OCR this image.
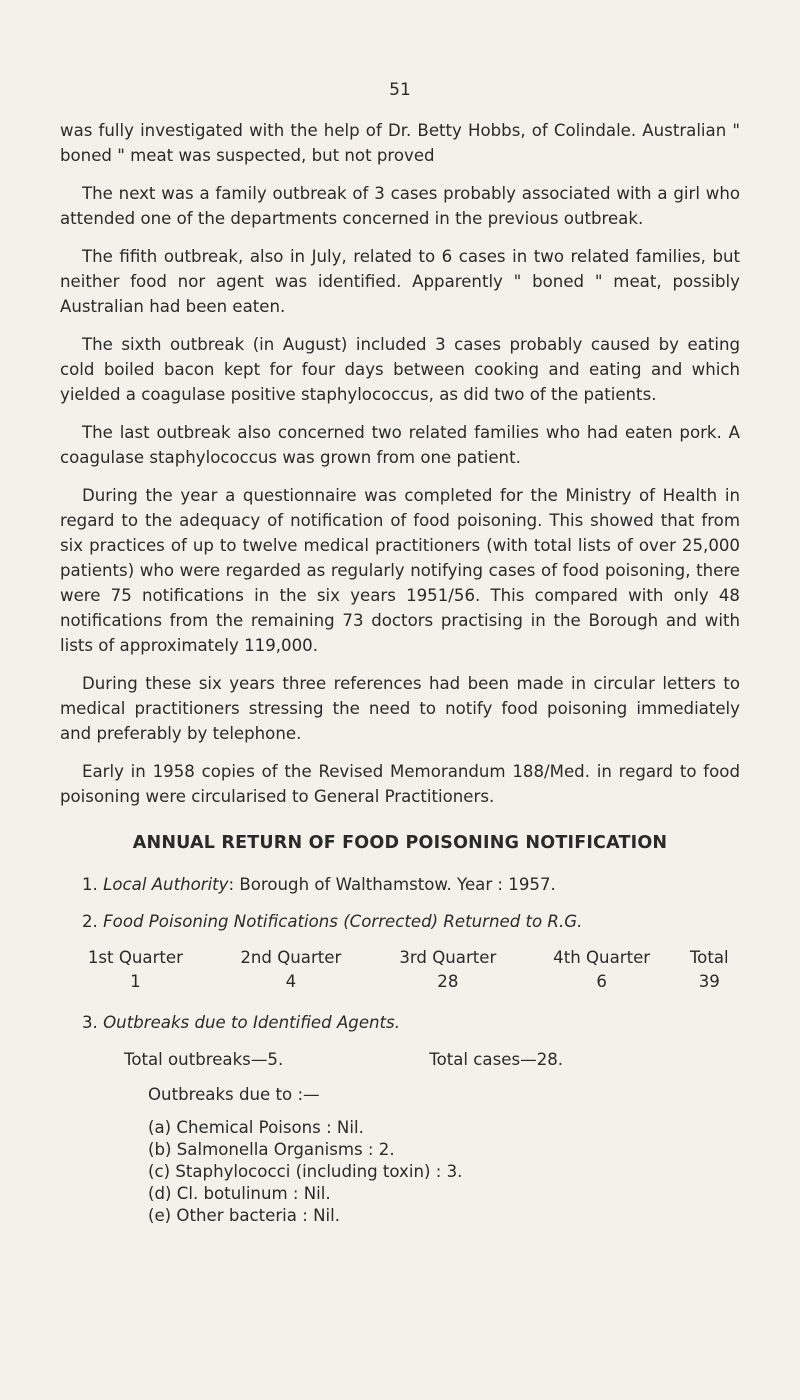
51

was fully investigated with the help of Dr. Betty Hobbs, of Colindale. Australian " boned " meat was suspected, but not proved

The next was a family outbreak of 3 cases probably associated with a girl who attended one of the departments concerned in the previous outbreak.

The fifith outbreak, also in July, related to 6 cases in two related families, but neither food nor agent was identified. Apparently " boned " meat, possibly Australian had been eaten.

The sixth outbreak (in August) included 3 cases probably caused by eating cold boiled bacon kept for four days between cooking and eating and which yielded a coagulase positive staphylococcus, as did two of the patients.

The last outbreak also concerned two related families who had eaten pork. A coagulase staphylococcus was grown from one patient.

During the year a questionnaire was completed for the Ministry of Health in regard to the adequacy of notification of food poisoning. This showed that from six practices of up to twelve medical practitioners (with total lists of over 25,000 patients) who were regarded as regularly notifying cases of food poisoning, there were 75 notifications in the six years 1951/56. This compared with only 48 notifications from the remaining 73 doctors practising in the Borough and with lists of approximately 119,000.

During these six years three references had been made in circular letters to medical practitioners stressing the need to notify food poisoning immediately and preferably by telephone.

Early in 1958 copies of the Revised Memorandum 188/Med. in regard to food poisoning were circularised to General Practitioners.

ANNUAL RETURN OF FOOD POISONING NOTIFICATION
1. Local Authority: Borough of Walthamstow. Year : 1957.
2. Food Poisoning Notifications (Corrected) Returned to R.G.
1st Quarter	2nd Quarter	3rd Quarter	4th Quarter	Total
1	4	28	6	39
3. Outbreaks due to Identified Agents.
Total outbreaks—5.	Total cases—28.
Outbreaks due to :—
(a) Chemical Poisons : Nil.
(b) Salmonella Organisms : 2.
(c) Staphylococci (including toxin) : 3.
(d) Cl. botulinum : Nil.
(e) Other bacteria : Nil.
